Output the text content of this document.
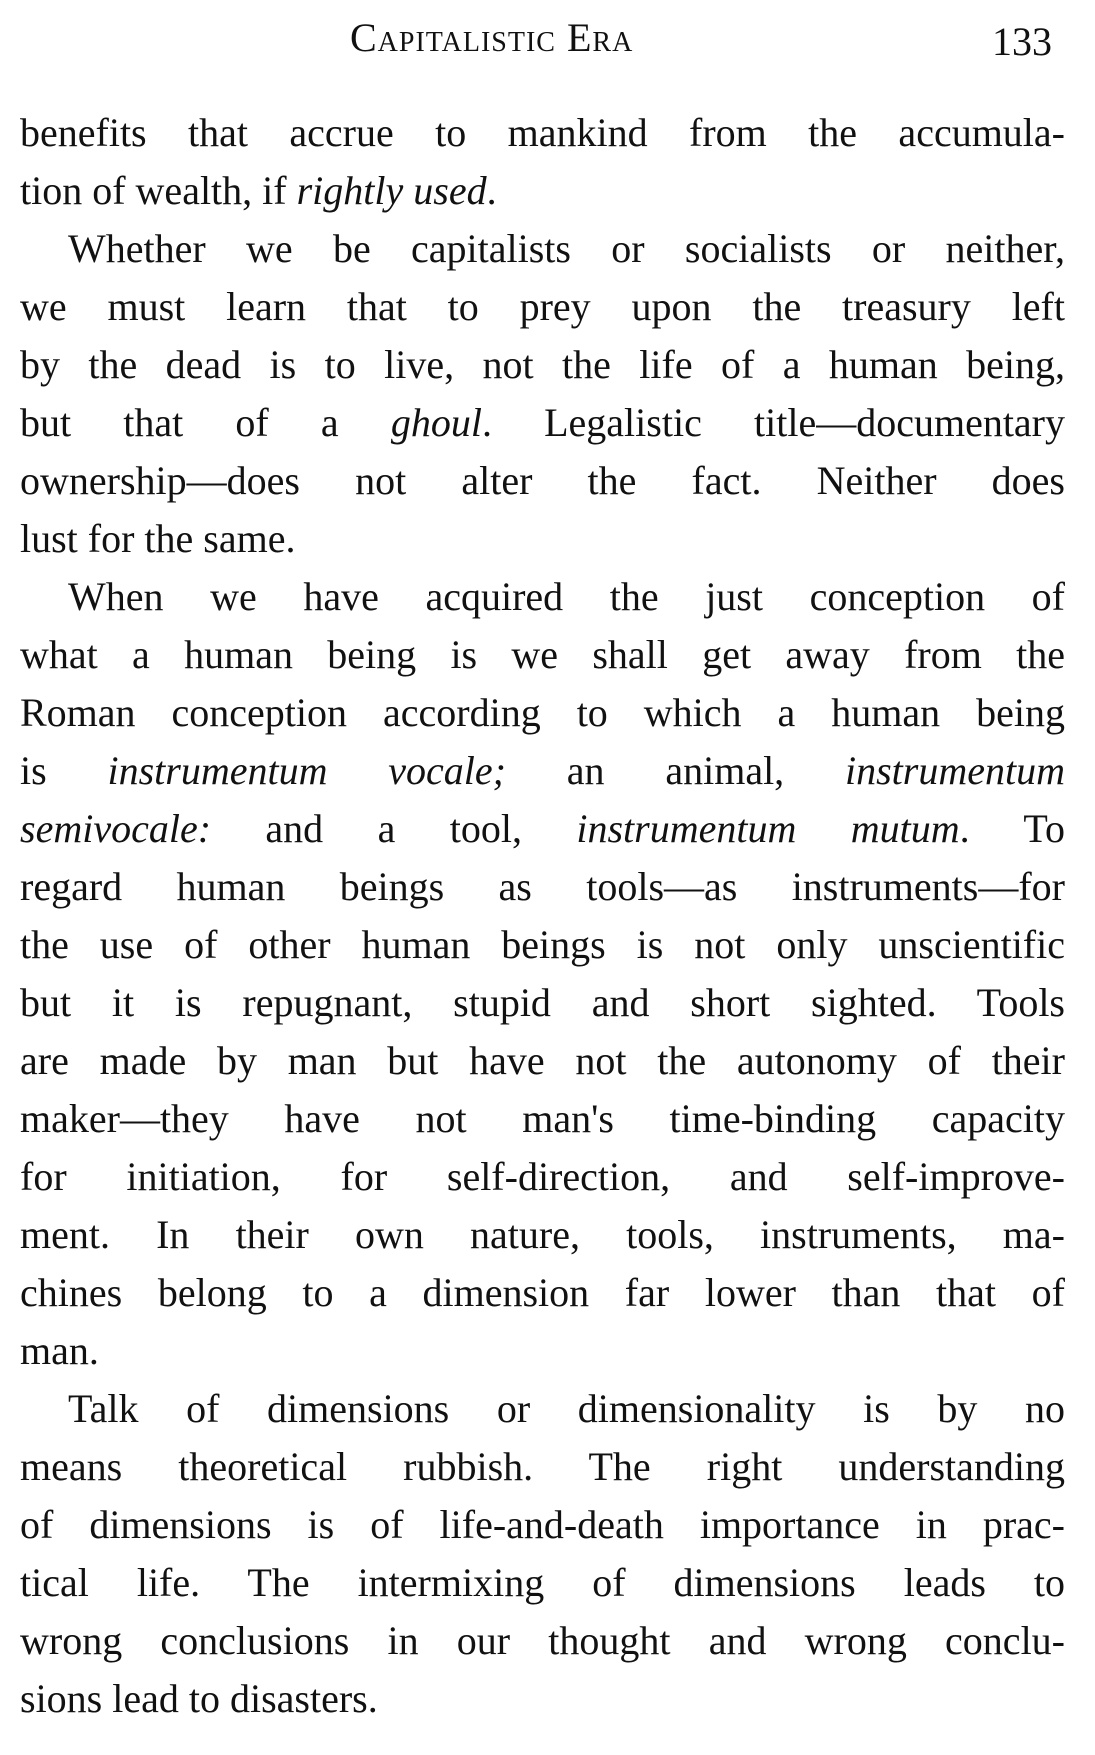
Capitalistic Era	133
benefits that accrue to mankind from the accumula-
tion of wealth, if rightly used.
Whether we be capitalists or socialists or neither,
we must learn that to prey upon the treasury left
by the dead is to live, not the life of a human being,
but that of a ghoul. Legalistic title—documentary
ownership—does not alter the fact. Neither does
lust for the same.
When we have acquired the just conception of
what a human being is we shall get away from the
Roman conception according to which a human being
is instrumentum vocale; an animal, instrumentum
semivocale: and a tool, instrumentum mutum. To
regard human beings as tools—as instruments—for
the use of other human beings is not only unscientific
but it is repugnant, stupid and short sighted. Tools
are made by man but have not the autonomy of their
maker—they have not man's time-binding capacity
for initiation, for self-direction, and self-improve-
ment. In their own nature, tools, instruments, ma-
chines belong to a dimension far lower than that of
man.
Talk of dimensions or dimensionality is by no
means theoretical rubbish. The right understanding
of dimensions is of life-and-death importance in prac-
tical life. The intermixing of dimensions leads to
wrong conclusions in our thought and wrong conclu-
sions lead to disasters.
